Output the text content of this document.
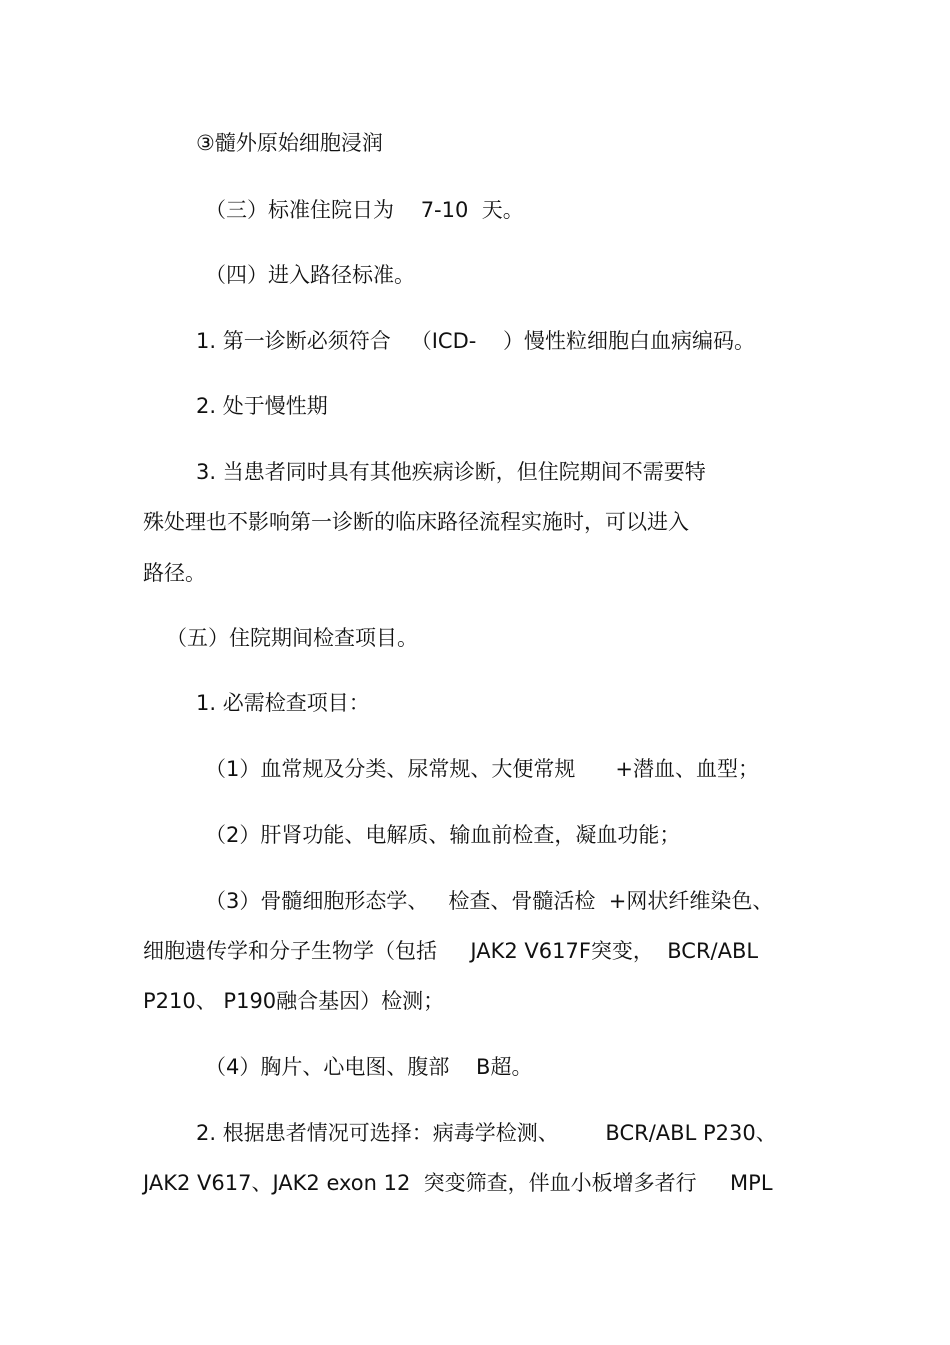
③髓外原始细胞浸润
（三）标准住院日为    7-10  天。
（四）进入路径标准。
1. 第一诊断必须符合   （ICD-    ）慢性粒细胞白血病编码。
2. 处于慢性期
3. 当患者同时具有其他疾病诊断，但住院期间不需要特
殊处理也不影响第一诊断的临床路径流程实施时，可以进入
路径。
（五）住院期间检查项目。
1. 必需检查项目：
（1）血常规及分类、尿常规、大便常规      +潜血、血型；
（2）肝肾功能、电解质、输血前检查，凝血功能；
（3）骨髓细胞形态学、   检查、骨髓活检  +网状纤维染色、
细胞遗传学和分子生物学（包括     JAK2 V617F突变，  BCR/ABL
P210、 P190融合基因）检测；
（4）胸片、心电图、腹部    B超。
2. 根据患者情况可选择：病毒学检测、       BCR/ABL P230、
JAK2 V617、JAK2 exon 12  突变筛查，伴血小板增多者行     MPL
